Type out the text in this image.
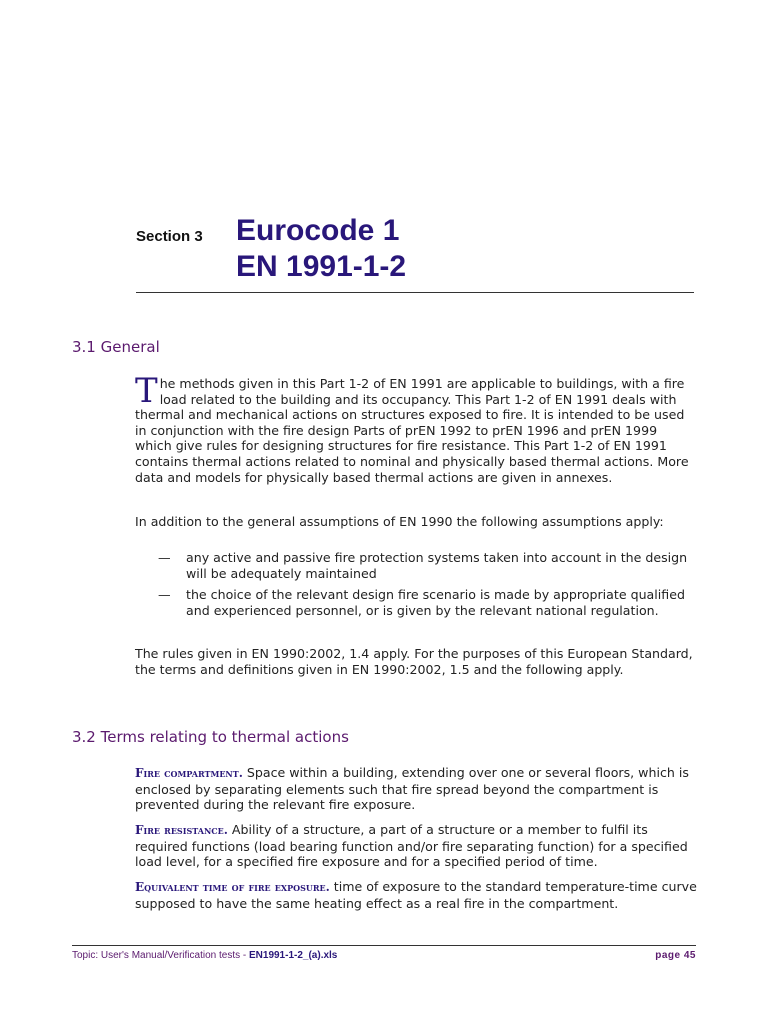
Section 3 Eurocode 1
EN 1991-1-2
3.1 General

The methods given in this Part 1-2 of EN 1991 are applicable to buildings, with a fire load related to the building and its occupancy. This Part 1-2 of EN 1991 deals with thermal and mechanical actions on structures exposed to fire. It is intended to be used in conjunction with the fire design Parts of prEN 1992 to prEN 1996 and prEN 1999 which give rules for designing structures for fire resistance. This Part 1-2 of EN 1991 contains thermal actions related to nominal and physically based thermal actions. More data and models for physically based thermal actions are given in annexes.

In addition to the general assumptions of EN 1990 the following assumptions apply:

— any active and passive fire protection systems taken into account in the design will be adequately maintained
— the choice of the relevant design fire scenario is made by appropriate qualified and experienced personnel, or is given by the relevant national regulation.

The rules given in EN 1990:2002, 1.4 apply. For the purposes of this European Standard, the terms and definitions given in EN 1990:2002, 1.5 and the following apply.

3.2 Terms relating to thermal actions

Fire compartment. Space within a building, extending over one or several floors, which is enclosed by separating elements such that fire spread beyond the compartment is prevented during the relevant fire exposure.

Fire resistance. Ability of a structure, a part of a structure or a member to fulfil its required functions (load bearing function and/or fire separating function) for a specified load level, for a specified fire exposure and for a specified period of time.

Equivalent time of fire exposure. time of exposure to the standard temperature-time curve supposed to have the same heating effect as a real fire in the compartment.

Topic: User's Manual/Verification tests - EN1991-1-2_(a).xls	page 45
